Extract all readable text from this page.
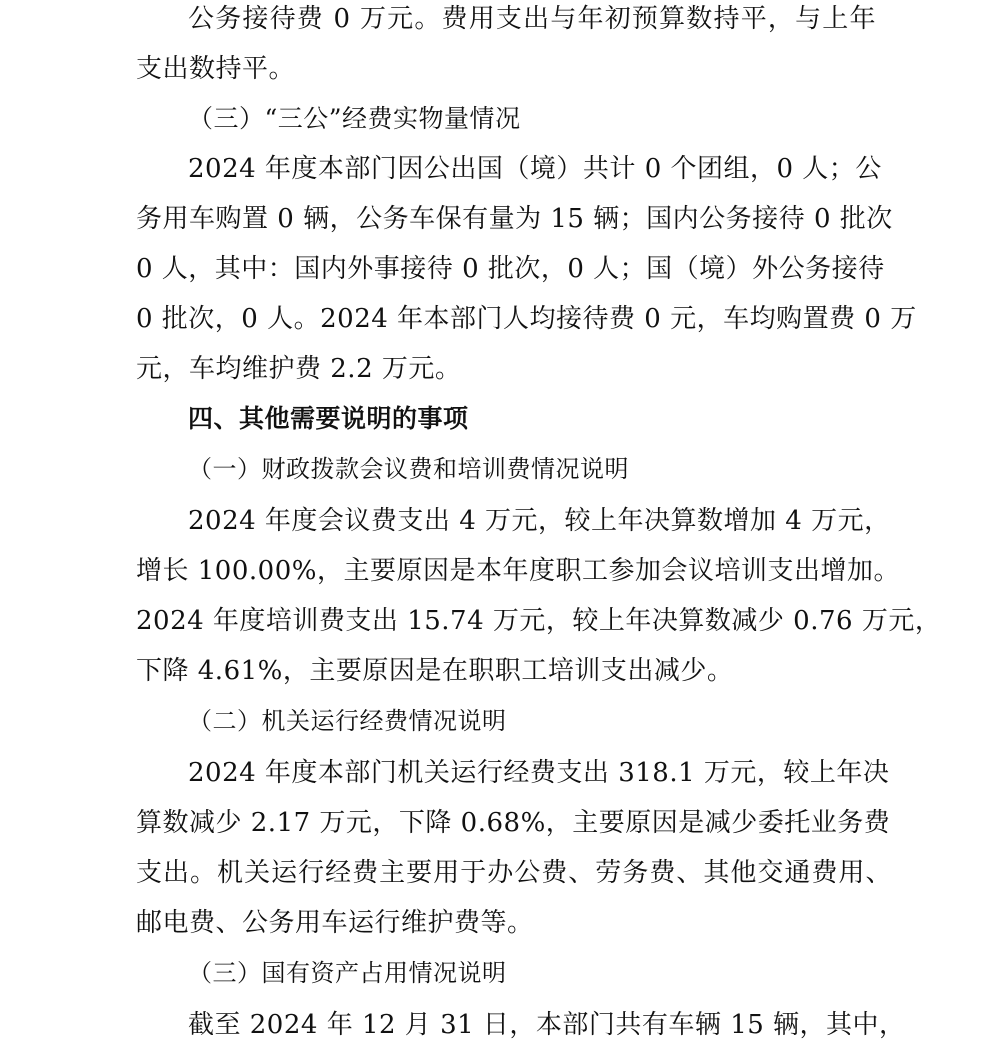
公务接待费 0 万元。费用支出与年初预算数持平，与上年
支出数持平。
（三）“三公”经费实物量情况
2024 年度本部门因公出国（境）共计 0 个团组，0 人；公
务用车购置 0 辆，公务车保有量为 15 辆；国内公务接待 0 批次
0 人，其中：国内外事接待 0 批次，0 人；国（境）外公务接待
0 批次，0 人。2024 年本部门人均接待费 0 元，车均购置费 0 万
元，车均维护费 2.2 万元。
四、其他需要说明的事项
（一）财政拨款会议费和培训费情况说明
2024 年度会议费支出 4 万元，较上年决算数增加 4 万元，
增长 100.00%，主要原因是本年度职工参加会议培训支出增加。
2024 年度培训费支出 15.74 万元，较上年决算数减少 0.76 万元，
下降 4.61%，主要原因是在职职工培训支出减少。
（二）机关运行经费情况说明
2024 年度本部门机关运行经费支出 318.1 万元，较上年决
算数减少 2.17 万元，下降 0.68%，主要原因是减少委托业务费
支出。机关运行经费主要用于办公费、劳务费、其他交通费用、
邮电费、公务用车运行维护费等。
（三）国有资产占用情况说明
截至 2024 年 12 月 31 日，本部门共有车辆 15 辆，其中，
